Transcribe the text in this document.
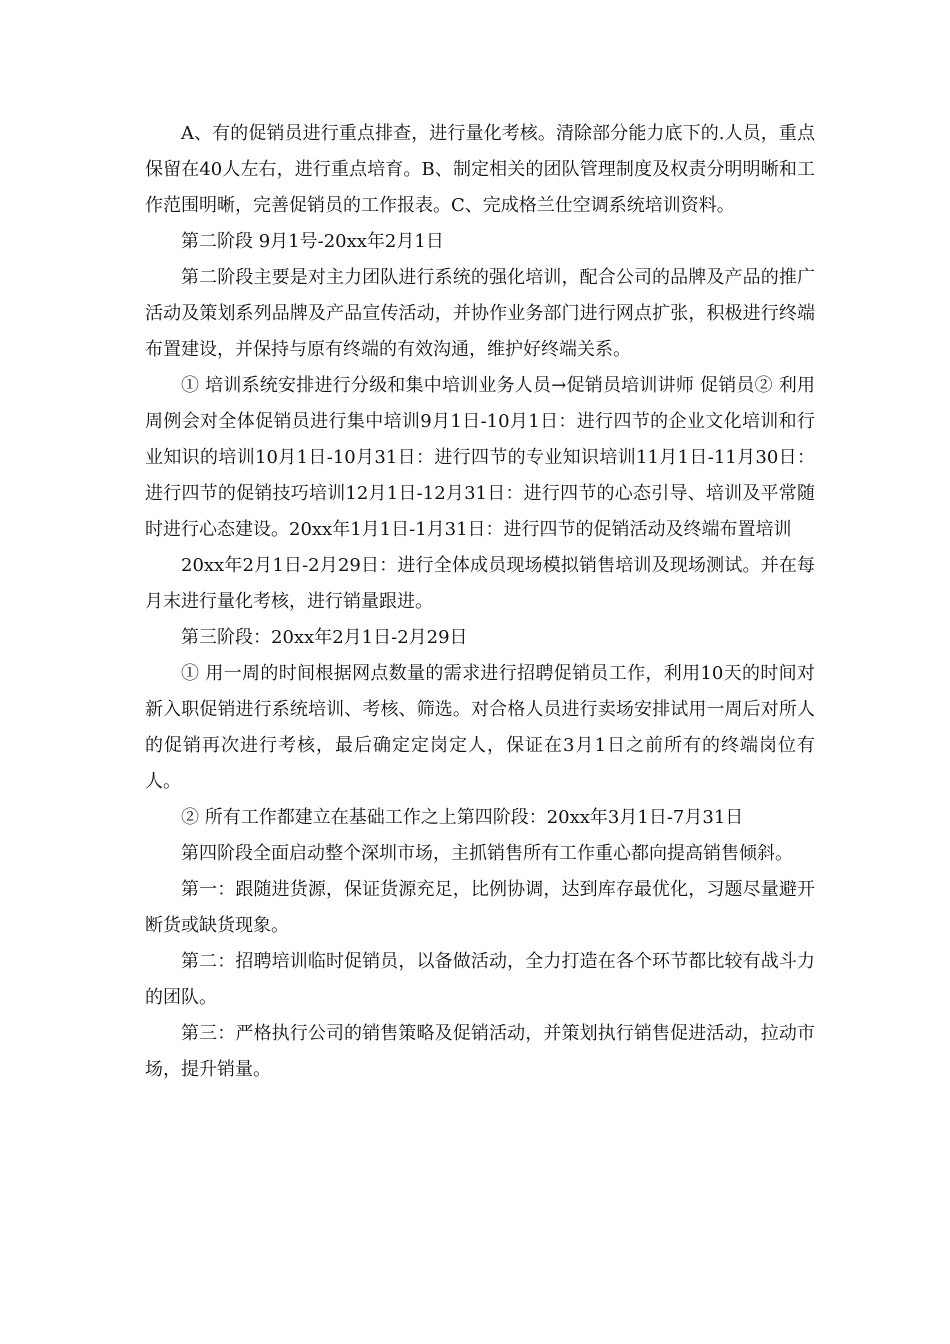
A、有的促销员进行重点排查，进行量化考核。清除部分能力底下的.人员，重点保留在40人左右，进行重点培育。B、制定相关的团队管理制度及权责分明明晰和工作范围明晰，完善促销员的工作报表。C、完成格兰仕空调系统培训资料。

第二阶段 9月1号-20xx年2月1日

第二阶段主要是对主力团队进行系统的强化培训，配合公司的品牌及产品的推广活动及策划系列品牌及产品宣传活动，并协作业务部门进行网点扩张，积极进行终端布置建设，并保持与原有终端的有效沟通，维护好终端关系。

① 培训系统安排进行分级和集中培训业务人员→促销员培训讲师 促销员② 利用周例会对全体促销员进行集中培训9月1日-10月1日：进行四节的企业文化培训和行业知识的培训10月1日-10月31日：进行四节的专业知识培训11月1日-11月30日：进行四节的促销技巧培训12月1日-12月31日：进行四节的心态引导、培训及平常随时进行心态建设。20xx年1月1日-1月31日：进行四节的促销活动及终端布置培训

20xx年2月1日-2月29日：进行全体成员现场模拟销售培训及现场测试。并在每月末进行量化考核，进行销量跟进。

第三阶段：20xx年2月1日-2月29日

① 用一周的时间根据网点数量的需求进行招聘促销员工作，利用10天的时间对新入职促销进行系统培训、考核、筛选。对合格人员进行卖场安排试用一周后对所人的促销再次进行考核，最后确定定岗定人，保证在3月1日之前所有的终端岗位有人。

② 所有工作都建立在基础工作之上第四阶段：20xx年3月1日-7月31日

第四阶段全面启动整个深圳市场，主抓销售所有工作重心都向提高销售倾斜。

第一：跟随进货源，保证货源充足，比例协调，达到库存最优化，习题尽量避开断货或缺货现象。

第二：招聘培训临时促销员，以备做活动，全力打造在各个环节都比较有战斗力的团队。

第三：严格执行公司的销售策略及促销活动，并策划执行销售促进活动，拉动市场，提升销量。
